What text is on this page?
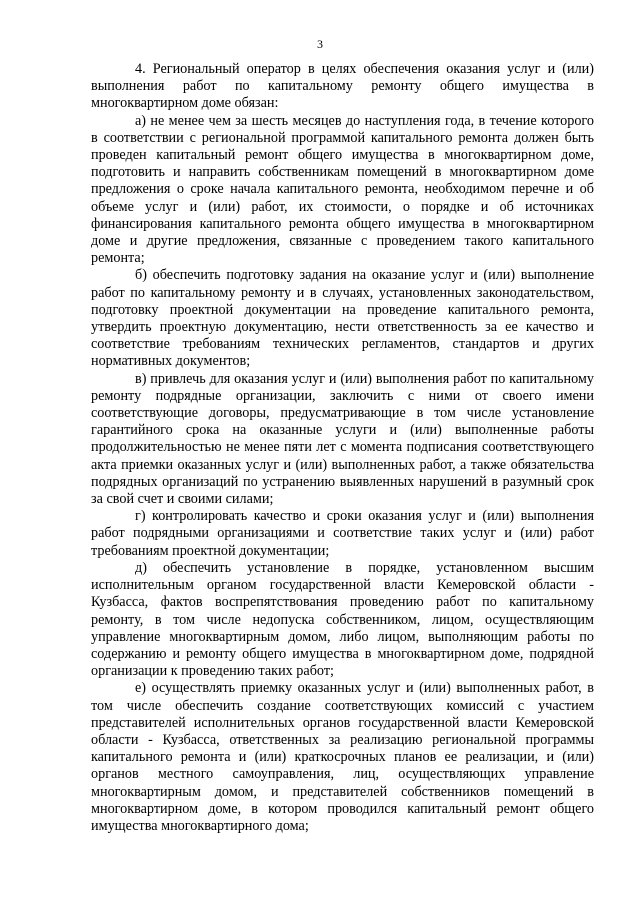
3

4. Региональный оператор в целях обеспечения оказания услуг и (или) выполнения работ по капитальному ремонту общего имущества в многоквартирном доме обязан:

а) не менее чем за шесть месяцев до наступления года, в течение которого в соответствии с региональной программой капитального ремонта должен быть проведен капитальный ремонт общего имущества в многоквартирном доме, подготовить и направить собственникам помещений в многоквартирном доме предложения о сроке начала капитального ремонта, необходимом перечне и об объеме услуг и (или) работ, их стоимости, о порядке и об источниках финансирования капитального ремонта общего имущества в многоквартирном доме и другие предложения, связанные с проведением такого капитального ремонта;

б) обеспечить подготовку задания на оказание услуг и (или) выполнение работ по капитальному ремонту и в случаях, установленных законодательством, подготовку проектной документации на проведение капитального ремонта, утвердить проектную документацию, нести ответственность за ее качество и соответствие требованиям технических регламентов, стандартов и других нормативных документов;

в) привлечь для оказания услуг и (или) выполнения работ по капитальному ремонту подрядные организации, заключить с ними от своего имени соответствующие договоры, предусматривающие в том числе установление гарантийного срока на оказанные услуги и (или) выполненные работы продолжительностью не менее пяти лет с момента подписания соответствующего акта приемки оказанных услуг и (или) выполненных работ, а также обязательства подрядных организаций по устранению выявленных нарушений в разумный срок за свой счет и своими силами;

г) контролировать качество и сроки оказания услуг и (или) выполнения работ подрядными организациями и соответствие таких услуг и (или) работ требованиям проектной документации;

д) обеспечить установление в порядке, установленном высшим исполнительным органом государственной власти Кемеровской области - Кузбасса, фактов воспрепятствования проведению работ по капитальному ремонту, в том числе недопуска собственником, лицом, осуществляющим управление многоквартирным домом, либо лицом, выполняющим работы по содержанию и ремонту общего имущества в многоквартирном доме, подрядной организации к проведению таких работ;

е) осуществлять приемку оказанных услуг и (или) выполненных работ, в том числе обеспечить создание соответствующих комиссий с участием представителей исполнительных органов государственной власти Кемеровской области - Кузбасса, ответственных за реализацию региональной программы капитального ремонта и (или) краткосрочных планов ее реализации, и (или) органов местного самоуправления, лиц, осуществляющих управление многоквартирным домом, и представителей собственников помещений в многоквартирном доме, в котором проводился капитальный ремонт общего имущества многоквартирного дома;
